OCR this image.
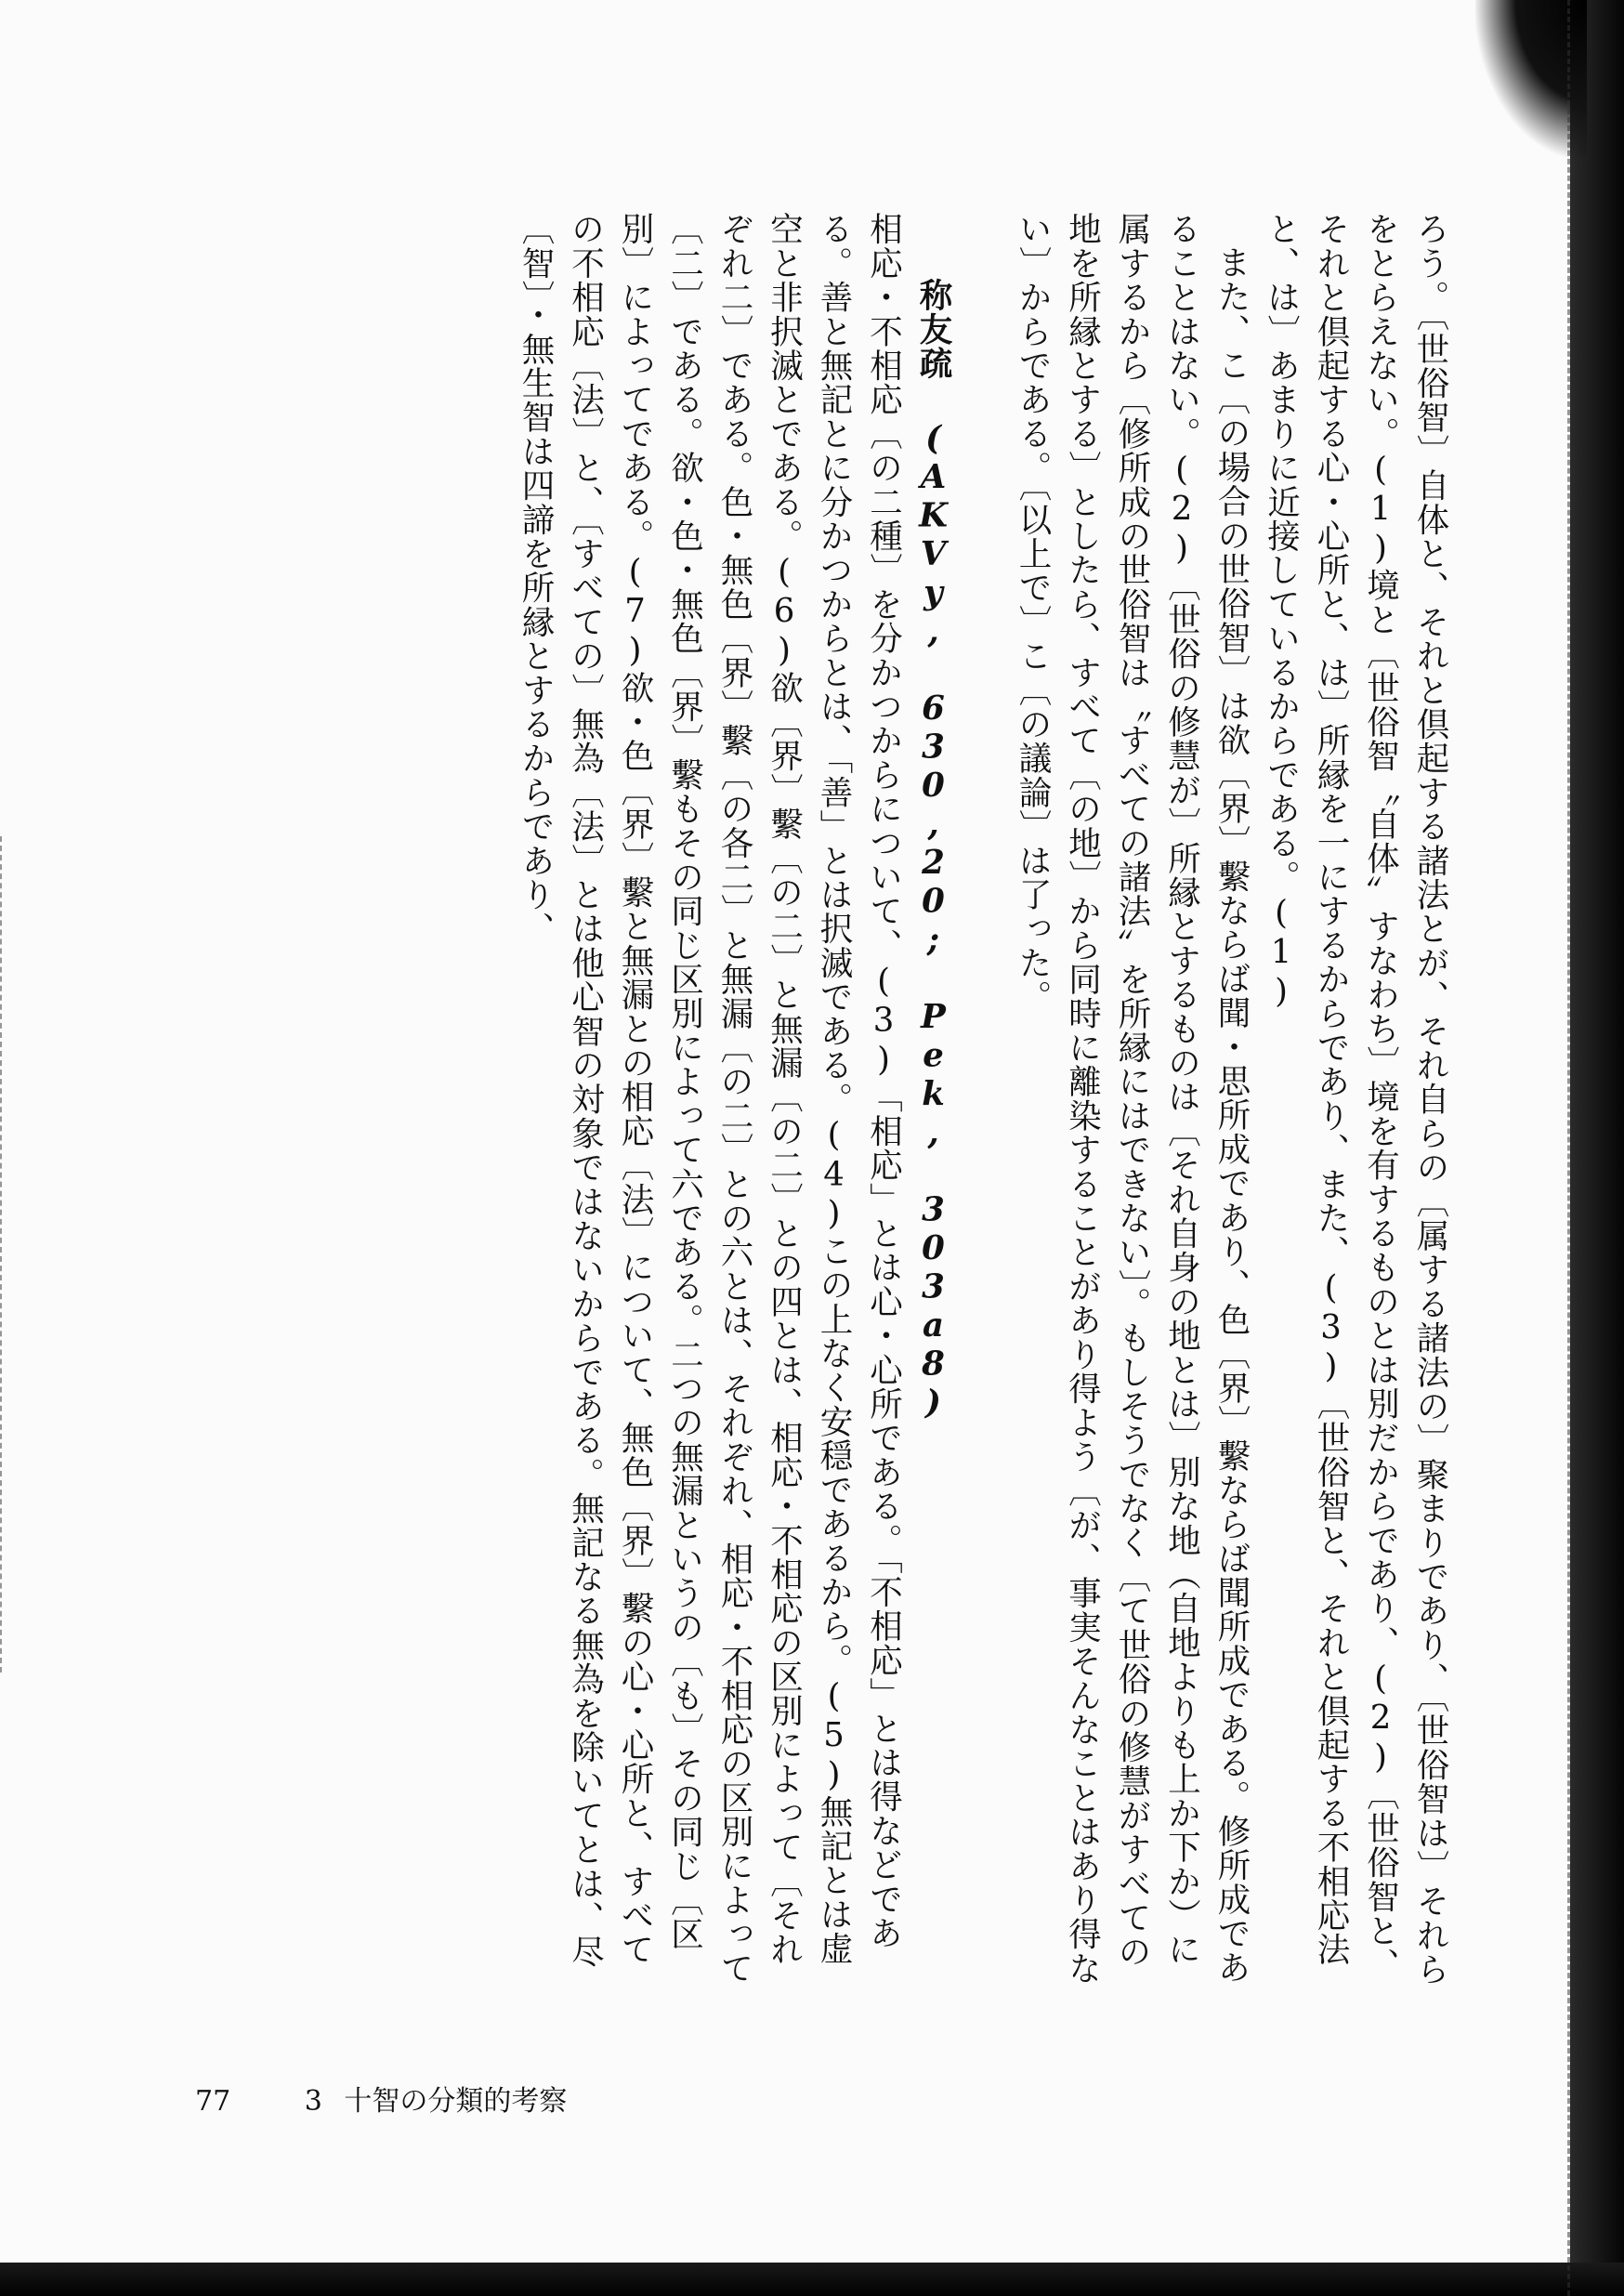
ろう。〔世俗智〕自体と、それと倶起する諸法とが、それ自らの〔属する諸法の〕聚まりであり、〔世俗智は〕それらをとらえない。(1)境と〔世俗智〝自体〞すなわち〕境を有するものとは別だからであり、(2)〔世俗智と、それと倶起する心・心所と、は〕所縁を一にするからであり、また、(3)〔世俗智と、それと倶起する不相応法と、は〕あまりに近接しているからである。(1)

また、こ〔の場合の世俗智〕は欲〔界〕繫ならば聞・思所成であり、色〔界〕繫ならば聞所成である。修所成であることはない。(2)〔世俗の修慧が〕所縁とするものは〔それ自身の地とは〕別な地（自地よりも上か下か）に属するから〔修所成の世俗智は〝すべての諸法〞を所縁にはできない〕。もしそうでなく〔て世俗の修慧がすべての地を所縁とする〕としたら、すべて〔の地〕から同時に離染することがあり得よう〔が、事実そんなことはあり得ない〕からである。〔以上で〕こ〔の議論〕は了った。

称友疏 (AKVy, 630,20; Pek, 303a8)

相応・不相応〔の二種〕を分かつからについて、(3)「相応」とは心・心所である。「不相応」とは得などである。善と無記とに分かつからとは、「善」とは択滅である。(4)この上なく安穏であるから。(5)無記とは虚空と非択滅とである。(6)欲〔界〕繫〔の二〕と無漏〔の二〕との四とは、相応・不相応の区別によって〔それぞれ二〕である。色・無色〔界〕繫〔の各二〕と無漏〔の二〕との六とは、それぞれ、相応・不相応の区別によって〔二〕である。欲・色・無色〔界〕繫もその同じ区別によって六である。二つの無漏というの〔も〕その同じ〔区別〕によってである。(7)欲・色〔界〕繫と無漏との相応〔法〕について、無色〔界〕繫の心・心所と、すべての不相応〔法〕と、〔すべての〕無為〔法〕とは他心智の対象ではないからである。無記なる無為を除いてとは、尽〔智〕・無生智は四諦を所縁とするからであり、

77	3 十智の分類的考察
